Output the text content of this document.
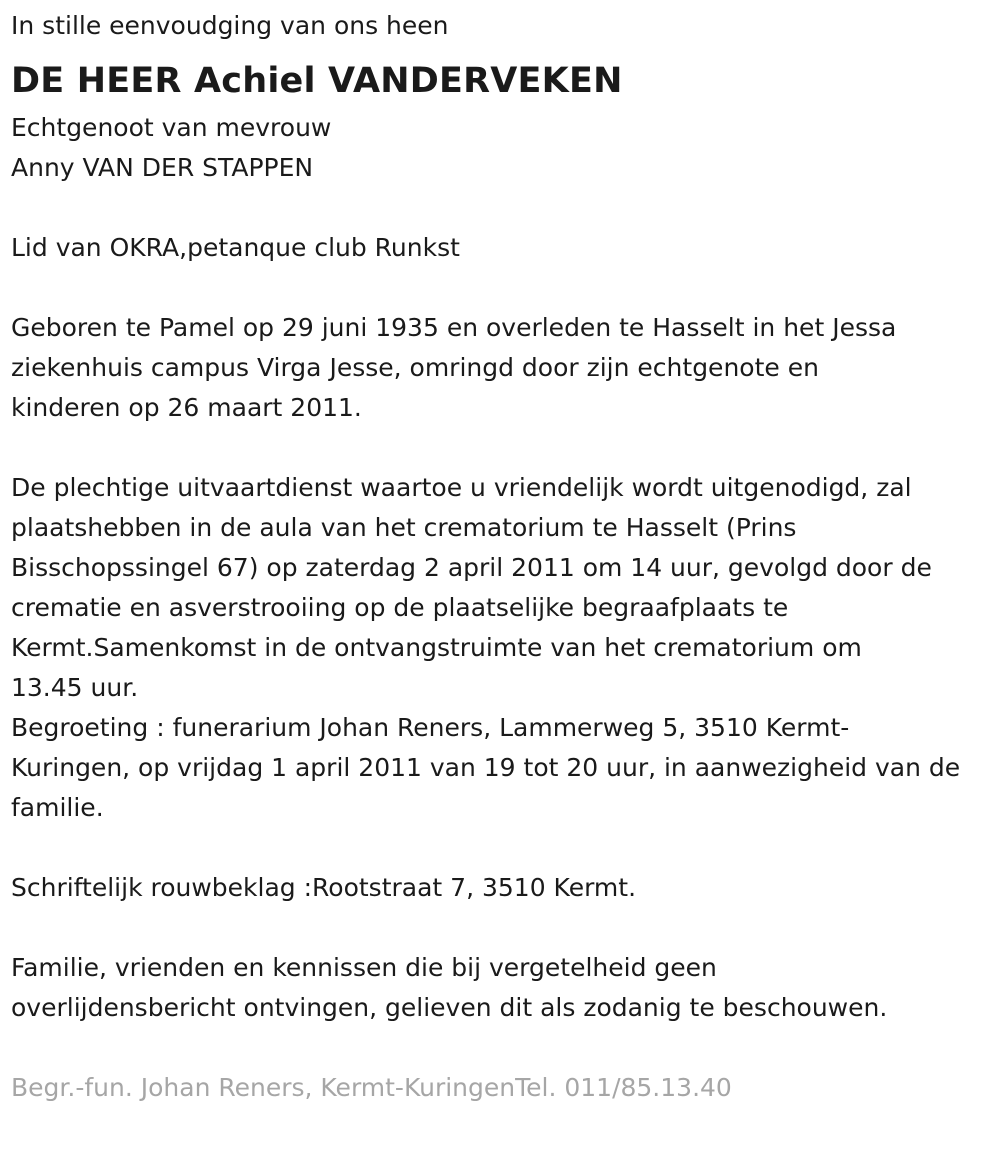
In stille eenvoudging van ons heen

DE HEER Achiel VANDERVEKEN

Echtgenoot van mevrouw

Anny VAN DER STAPPEN

Lid van OKRA,petanque club Runkst

Geboren te Pamel op 29 juni 1935 en overleden te Hasselt in het Jessa

ziekenhuis campus Virga Jesse, omringd door zijn echtgenote en

kinderen op 26 maart 2011.

De plechtige uitvaartdienst waartoe u vriendelijk wordt uitgenodigd, zal

plaatshebben in de aula van het crematorium te Hasselt (Prins

Bisschopssingel 67) op zaterdag 2 april 2011 om 14 uur, gevolgd door de

crematie en asverstrooiing op de plaatselijke begraafplaats te

Kermt.Samenkomst in de ontvangstruimte van het crematorium om

13.45 uur.

Begroeting : funerarium Johan Reners, Lammerweg 5, 3510 Kermt-

Kuringen, op vrijdag 1 april 2011 van 19 tot 20 uur, in aanwezigheid van de

familie.

Schriftelijk rouwbeklag :Rootstraat 7, 3510 Kermt.

Familie, vrienden en kennissen die bij vergetelheid geen

overlijdensbericht ontvingen, gelieven dit als zodanig te beschouwen.

Begr.-fun. Johan Reners, Kermt-KuringenTel. 011/85.13.40
